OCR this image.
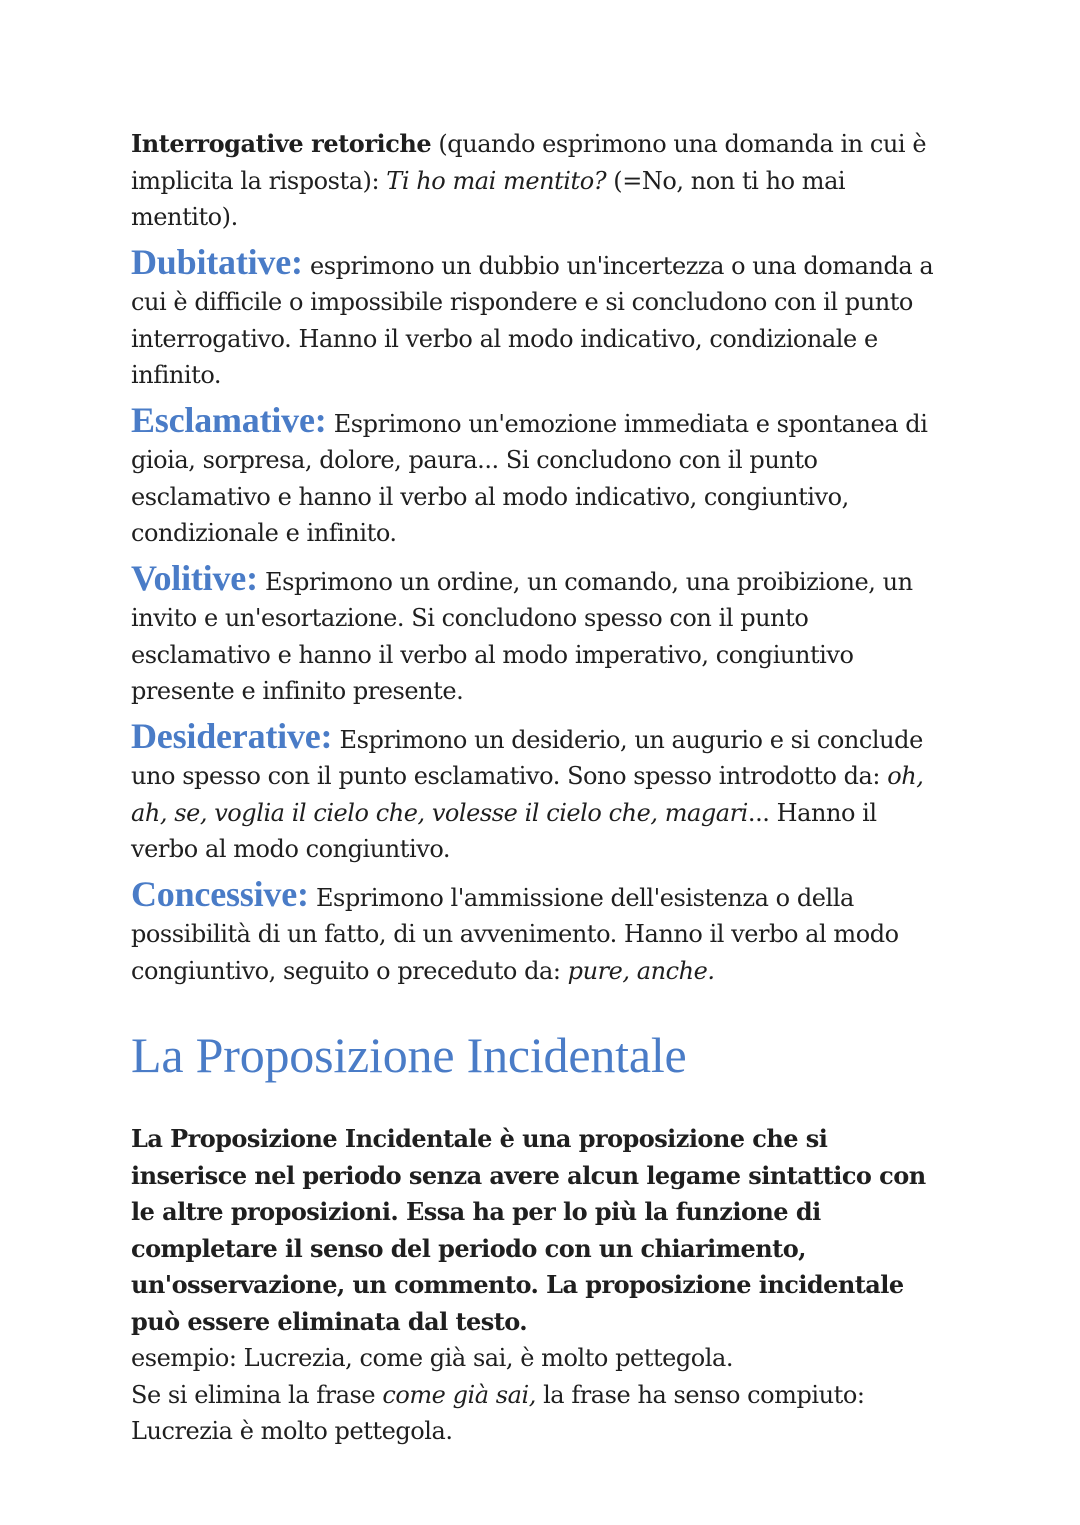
Interrogative retoriche (quando esprimono una domanda in cui è implicita la risposta): Ti ho mai mentito? (=No, non ti ho mai mentito).

Dubitative: esprimono un dubbio un'incertezza o una domanda a cui è difficile o impossibile rispondere e si concludono con il punto interrogativo. Hanno il verbo al modo indicativo, condizionale e infinito.

Esclamative: Esprimono un'emozione immediata e spontanea di gioia, sorpresa, dolore, paura... Si concludono con il punto esclamativo e hanno il verbo al modo indicativo, congiuntivo, condizionale e infinito.

Volitive: Esprimono un ordine, un comando, una proibizione, un invito e un'esortazione. Si concludono spesso con il punto esclamativo e hanno il verbo al modo imperativo, congiuntivo presente e infinito presente.

Desiderative: Esprimono un desiderio, un augurio e si conclude uno spesso con il punto esclamativo. Sono spesso introdotto da: oh, ah, se, voglia il cielo che, volesse il cielo che, magari... Hanno il verbo al modo congiuntivo.

Concessive: Esprimono l'ammissione dell'esistenza o della possibilità di un fatto, di un avvenimento. Hanno il verbo al modo congiuntivo, seguito o preceduto da: pure, anche.

La Proposizione Incidentale

La Proposizione Incidentale è una proposizione che si inserisce nel periodo senza avere alcun legame sintattico con le altre proposizioni. Essa ha per lo più la funzione di completare il senso del periodo con un chiarimento, un'osservazione, un commento. La proposizione incidentale può essere eliminata dal testo.
esempio: Lucrezia, come già sai, è molto pettegola.
Se si elimina la frase come già sai, la frase ha senso compiuto:
Lucrezia è molto pettegola.
